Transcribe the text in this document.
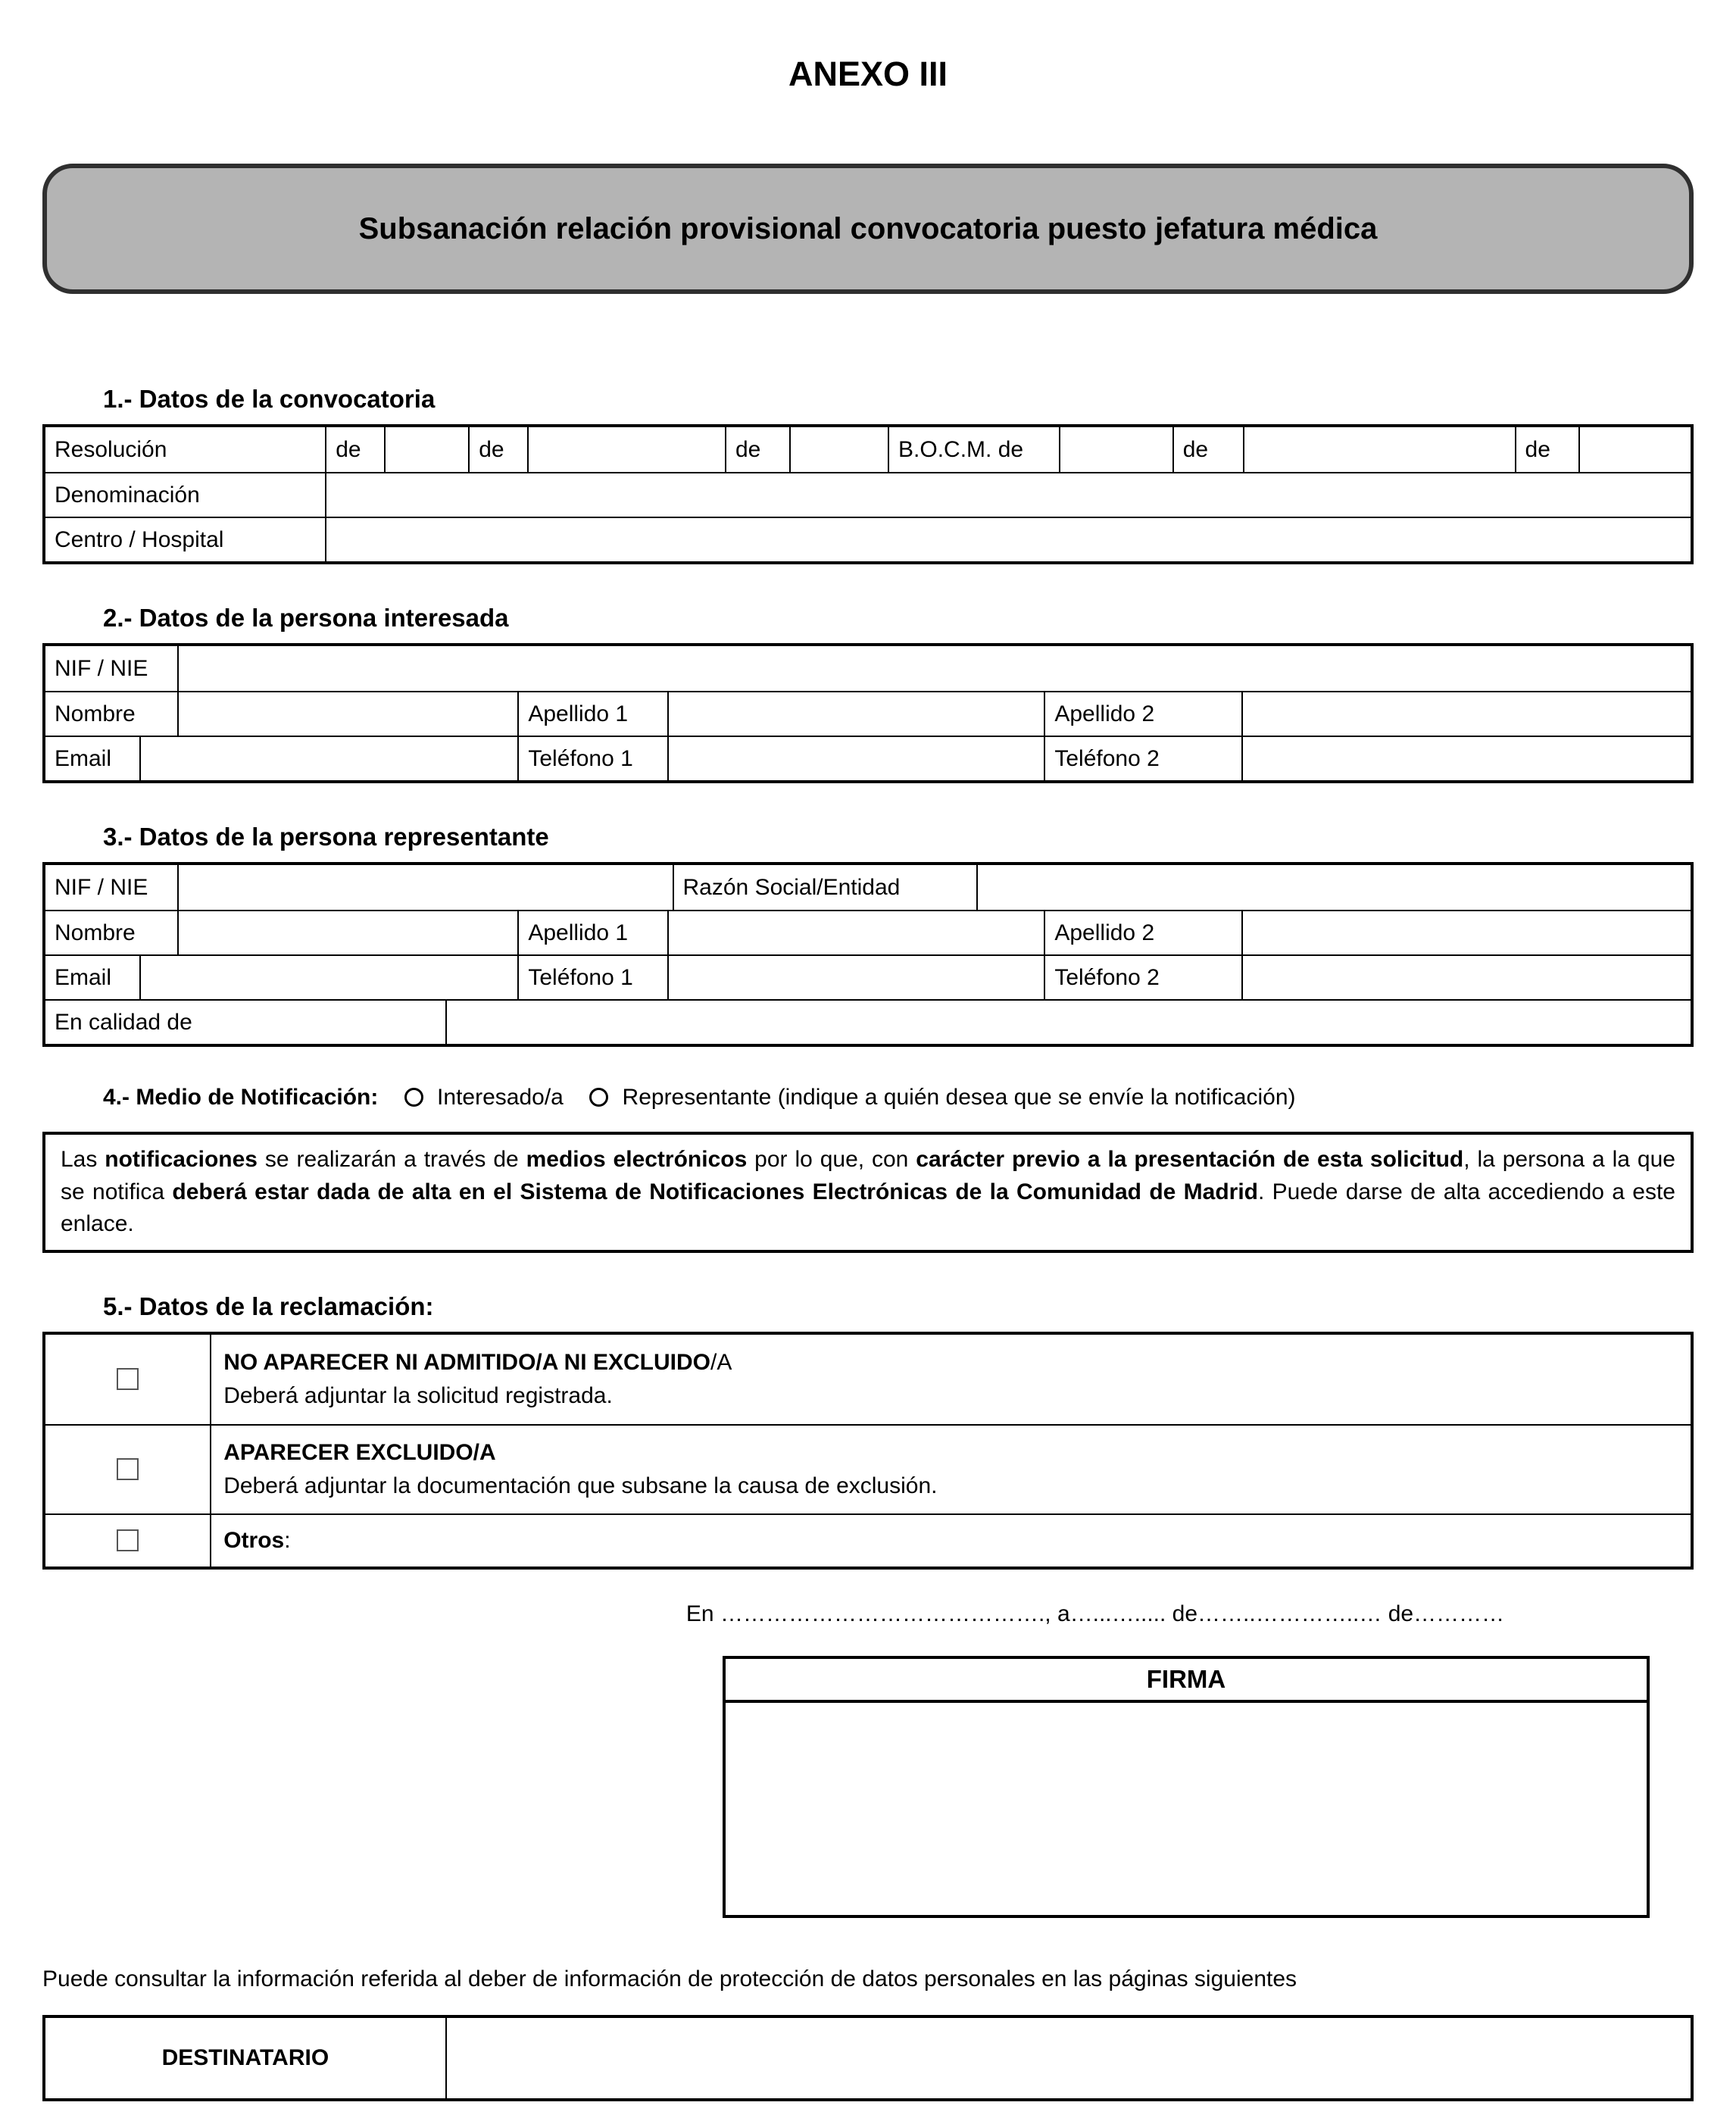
ANEXO III
Subsanación relación provisional convocatoria puesto jefatura médica
1.- Datos de la convocatoria
Resolución	de	de	de	B.O.C.M. de	de	de
Denominación
Centro / Hospital
2.- Datos de la persona interesada
NIF / NIE
Nombre	Apellido 1	Apellido 2
Email	Teléfono 1	Teléfono 2
3.- Datos de la persona representante
NIF / NIE	Razón Social/Entidad
Nombre	Apellido 1	Apellido 2
Email	Teléfono 1	Teléfono 2
En calidad de

4.- Medio de Notificación:	Interesado/a	Representante (indique a quién desea que se envíe la notificación)

Las notificaciones se realizarán a través de medios electrónicos por lo que, con carácter previo a la presentación de esta solicitud, la persona a la que se notifica deberá estar dada de alta en el Sistema de Notificaciones Electrónicas de la Comunidad de Madrid. Puede darse de alta accediendo a este enlace.
5.- Datos de la reclamación:
NO APARECER NI ADMITIDO/A NI EXCLUIDO/A
Deberá adjuntar la solicitud registrada.
APARECER EXCLUIDO/A
Deberá adjuntar la documentación que subsane la causa de exclusión.
Otros:
En ……………………………………., a…...…..... de……..…………..… de…………
FIRMA

Puede consultar la información referida al deber de información de protección de datos personales en las páginas siguientes

DESTINATARIO
